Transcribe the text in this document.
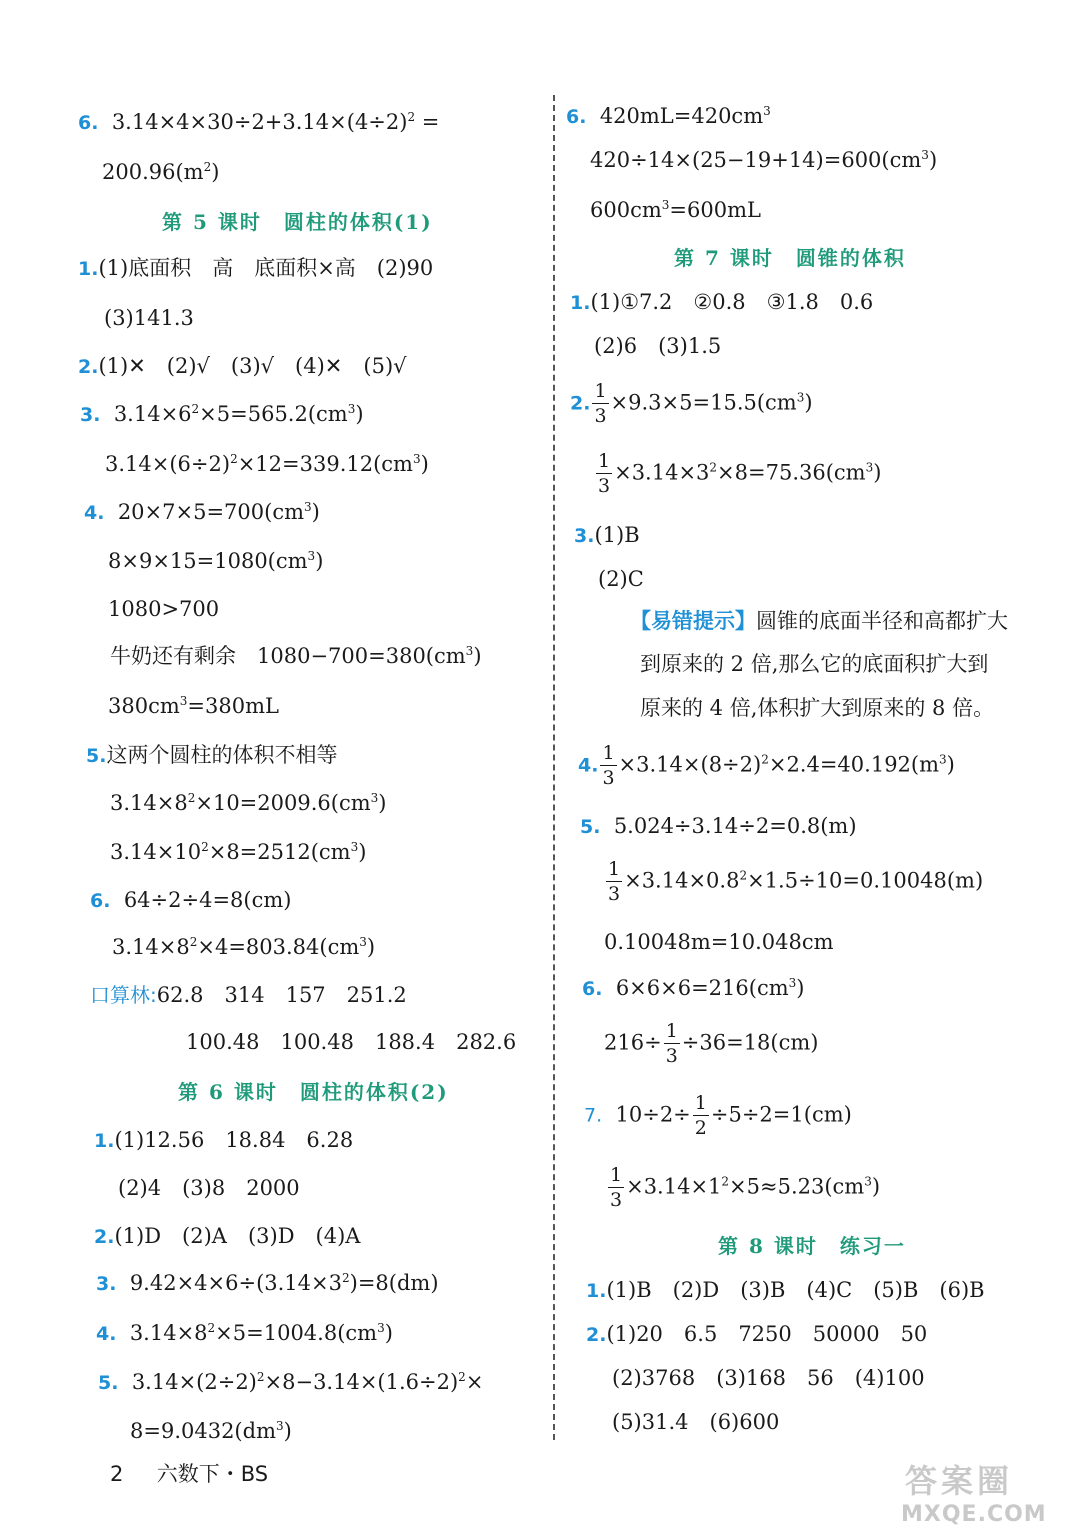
6. $3.14\times 4\times 30\div 2+3.14\times(4\div 2)^2$ =
$200.96(m^2)$
第 5 课时　圆柱的体积(1)
1.(1)底面积　高　底面积×高　(2)90
(3)141.3
2.(1)✕　(2)√　(3)√　(4)✕　(5)√
3. $3.14\times 6^2\times 5=565.2(cm^3)$
$3.14\times(6\div 2)^2\times 12=339.12(cm^3)$
4. $20\times 7\times 5=700(cm^3)$
$8\times 9\times 15=1080(cm^3)$
1080>700
牛奶还有剩余　$1080-700=380(cm^3)$
$380cm^3=380mL$
5.这两个圆柱的体积不相等
$3.14\times 8^2\times 10=2009.6(cm^3)$
$3.14\times 10^2\times 8=2512(cm^3)$
6. 64÷2÷4=8(cm)
$3.14\times 8^2\times 4=803.84(cm^3)$
口算林:62.8　314　157　251.2
100.48　100.48　188.4　282.6
第 6 课时　圆柱的体积(2)
1.(1)12.56　18.84　6.28
(2)4　(3)8　2000
2.(1)D　(2)A　(3)D　(4)A
3. $9.42\times 4\times 6\div(3.14\times 3^2)=8(dm)$
4. $3.14\times 8^2\times 5=1004.8(cm^3)$
5. $3.14\times(2\div 2)^2\times 8-3.14\times(1.6\div 2)^2\times$
$8=9.0432(dm^3)$
6. $420mL=420cm^3$
$420\div 14\times(25-19+14)=600(cm^3)$
$600cm^3=600mL$
第 7 课时　圆锥的体积
1.(1)①7.2　②0.8　③1.8　0.6
(2)6　(3)1.5
2. $\frac{1}{3} \times 9.3\times 5=15.5(cm^3)$
$\frac{1}{3} \times 3.14\times 3^2\times 8=75.36(cm^3)$
3.(1)B
(2)C
【易错提示】圆锥的底面半径和高都扩大
到原来的 2 倍,那么它的底面积扩大到
原来的 4 倍,体积扩大到原来的 8 倍。
4. $\frac{1}{3} \times 3.14\times(8\div 2)^2\times 2.4=40.192(m^3)$
5. 5.024÷3.14÷2=0.8(m)
$\frac{1}{3} \times 3.14\times 0.8^2\times 1.5\div 10=0.10048(m)$
0.10048m=10.048cm
6. $6\times 6\times 6=216(cm^3)$
$216\div \frac{1}{3} \div 36=18(cm)$
7. $10\div 2\div \frac{1}{2} \div 5\div 2=1(cm)$
$\frac{1}{3} \times 3.14\times 1^2\times 5\approx 5.23(cm^3)$
第 8 课时　练习一
1.(1)B　(2)D　(3)B　(4)C　(5)B　(6)B
2.(1)20　6.5　7250　50000　50
(2)3768　(3)168　56　(4)100
(5)31.4　(6)600
2 六数下・BS	答案圈
MXQE.COM
